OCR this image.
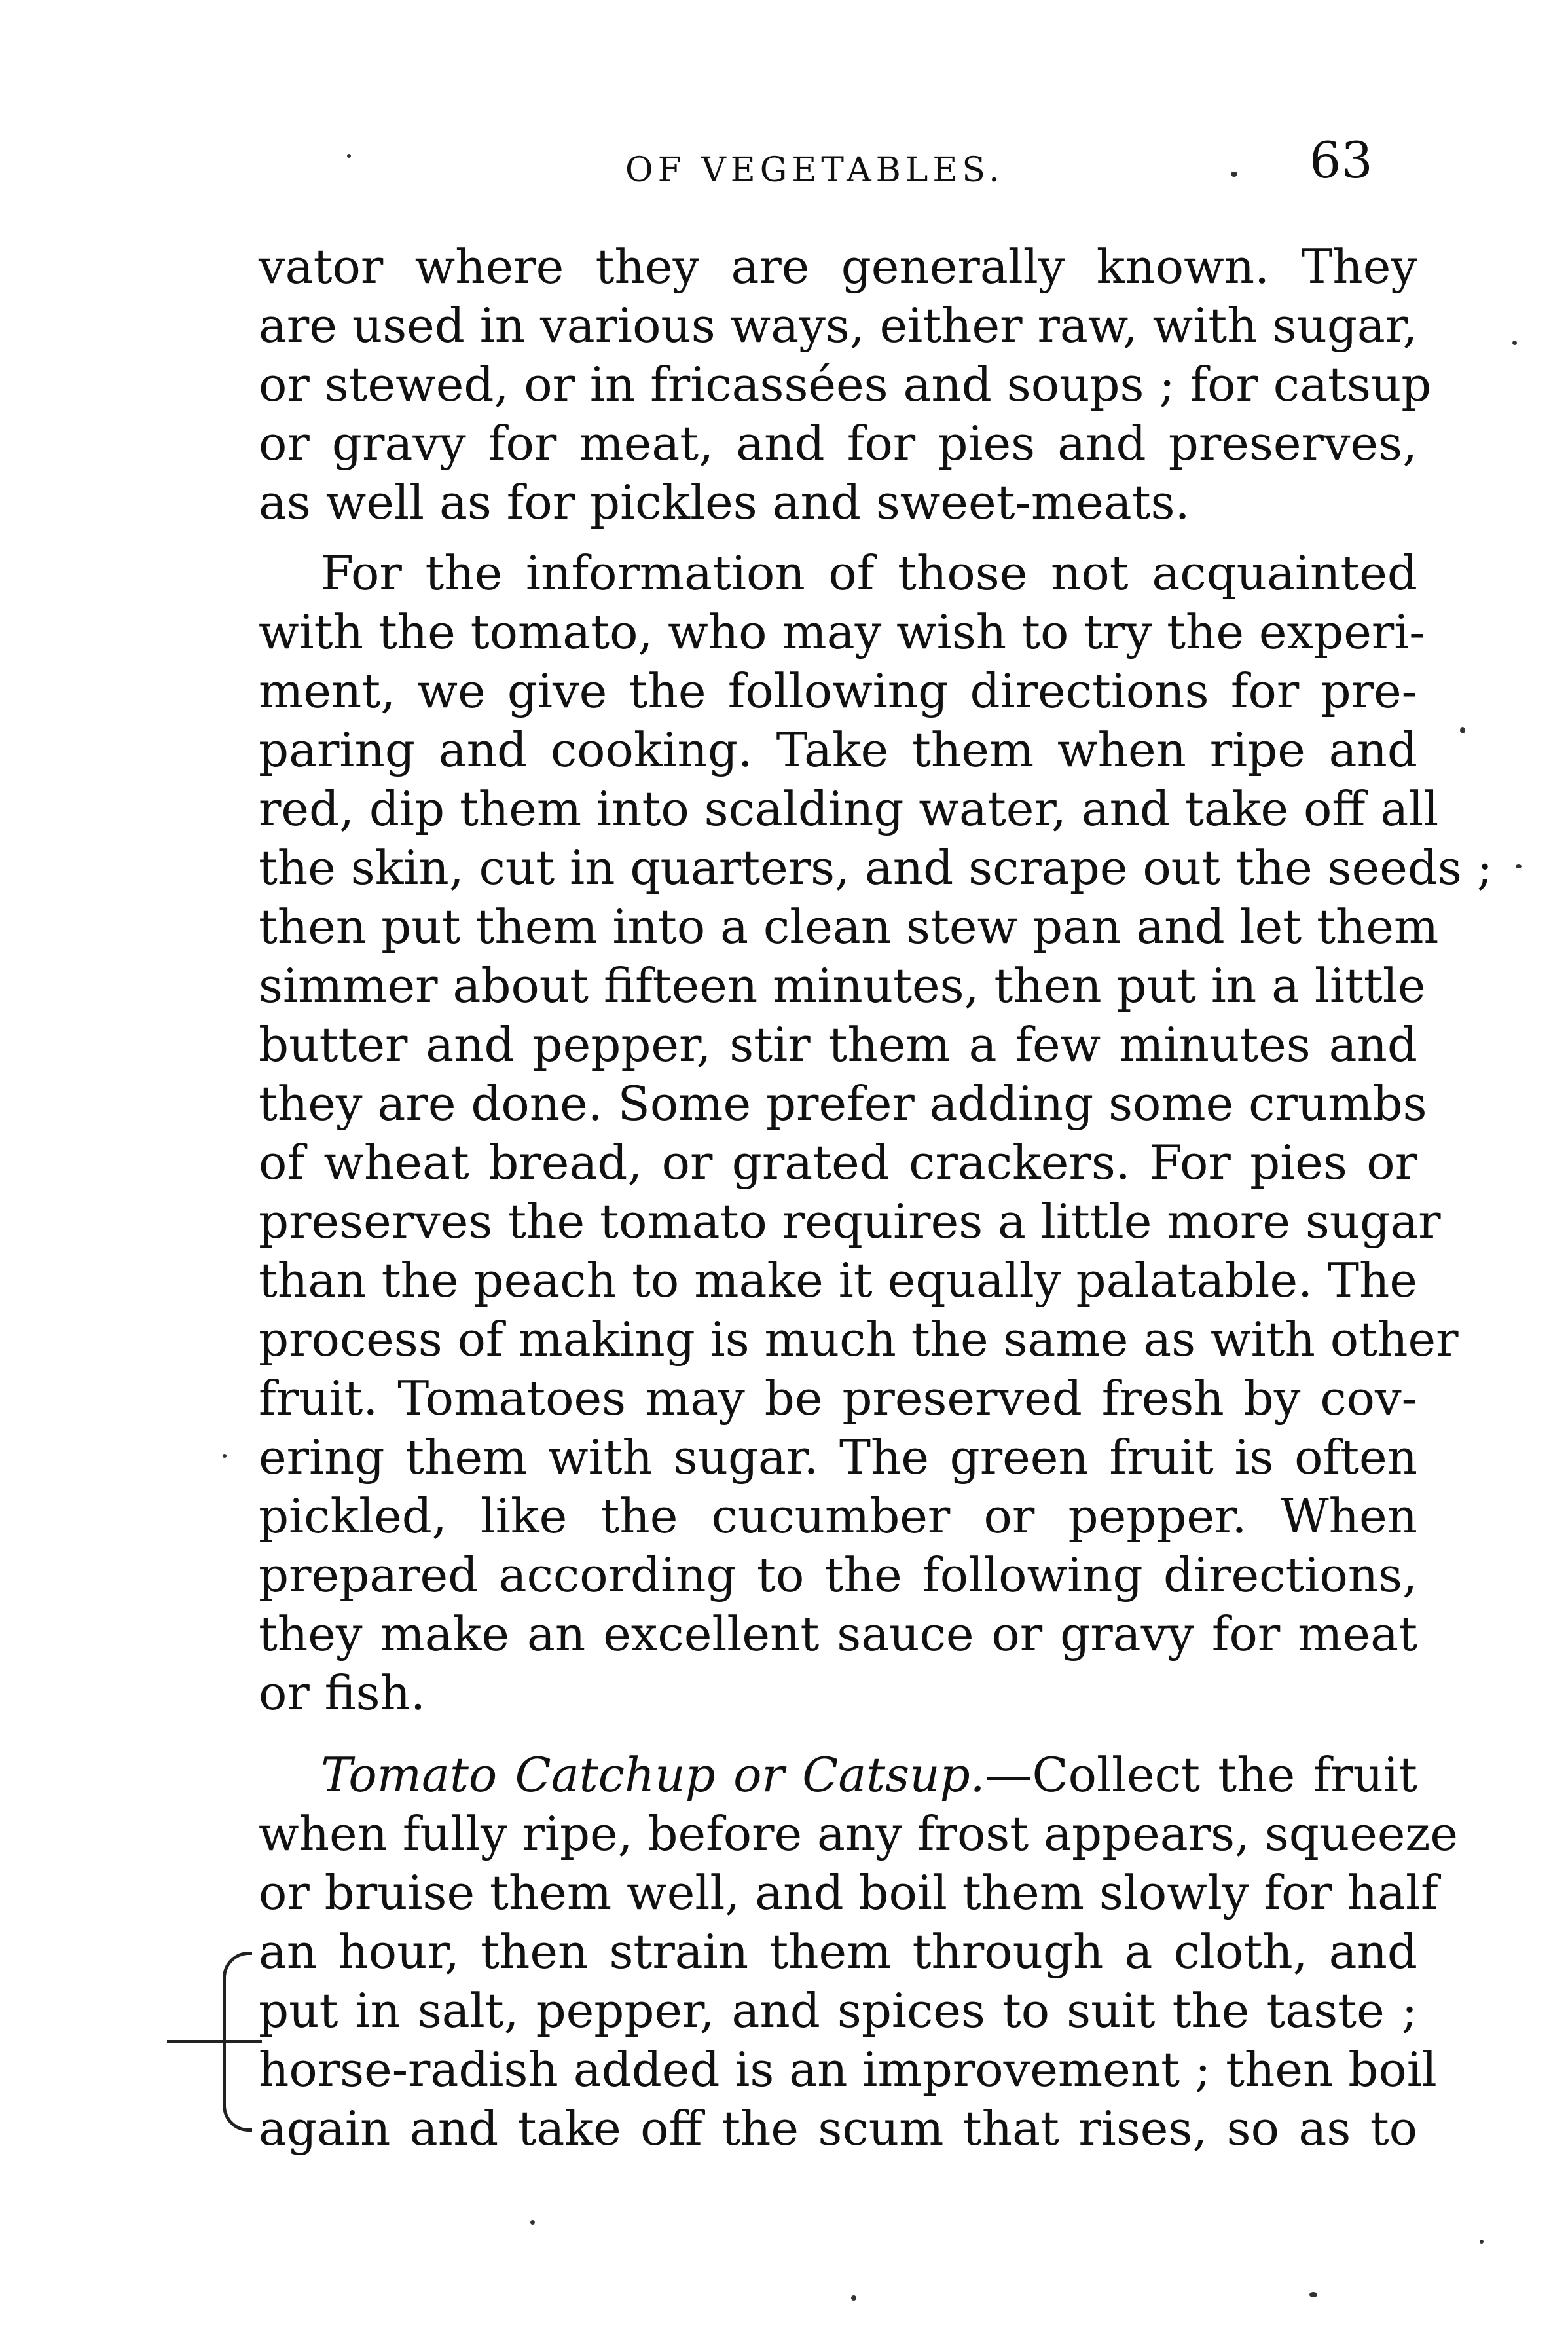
OF VEGETABLES.	63
vator where they are generally known. They
are used in various ways, either raw, with sugar,
or stewed, or in fricassées and soups ; for catsup
or gravy for meat, and for pies and preserves,
as well as for pickles and sweet-meats.
For the information of those not acquainted
with the tomato, who may wish to try the experi-
ment, we give the following directions for pre-
paring and cooking. Take them when ripe and
red, dip them into scalding water, and take off all
the skin, cut in quarters, and scrape out the seeds ;
then put them into a clean stew pan and let them
simmer about fifteen minutes, then put in a little
butter and pepper, stir them a few minutes and
they are done. Some prefer adding some crumbs
of wheat bread, or grated crackers. For pies or
preserves the tomato requires a little more sugar
than the peach to make it equally palatable. The
process of making is much the same as with other
fruit. Tomatoes may be preserved fresh by cov-
ering them with sugar. The green fruit is often
pickled, like the cucumber or pepper. When
prepared according to the following directions,
they make an excellent sauce or gravy for meat
or fish.
Tomato Catchup or Catsup.—Collect the fruit
when fully ripe, before any frost appears, squeeze
or bruise them well, and boil them slowly for half
an hour, then strain them through a cloth, and
put in salt, pepper, and spices to suit the taste ;
horse-radish added is an improvement ; then boil
again and take off the scum that rises, so as to
